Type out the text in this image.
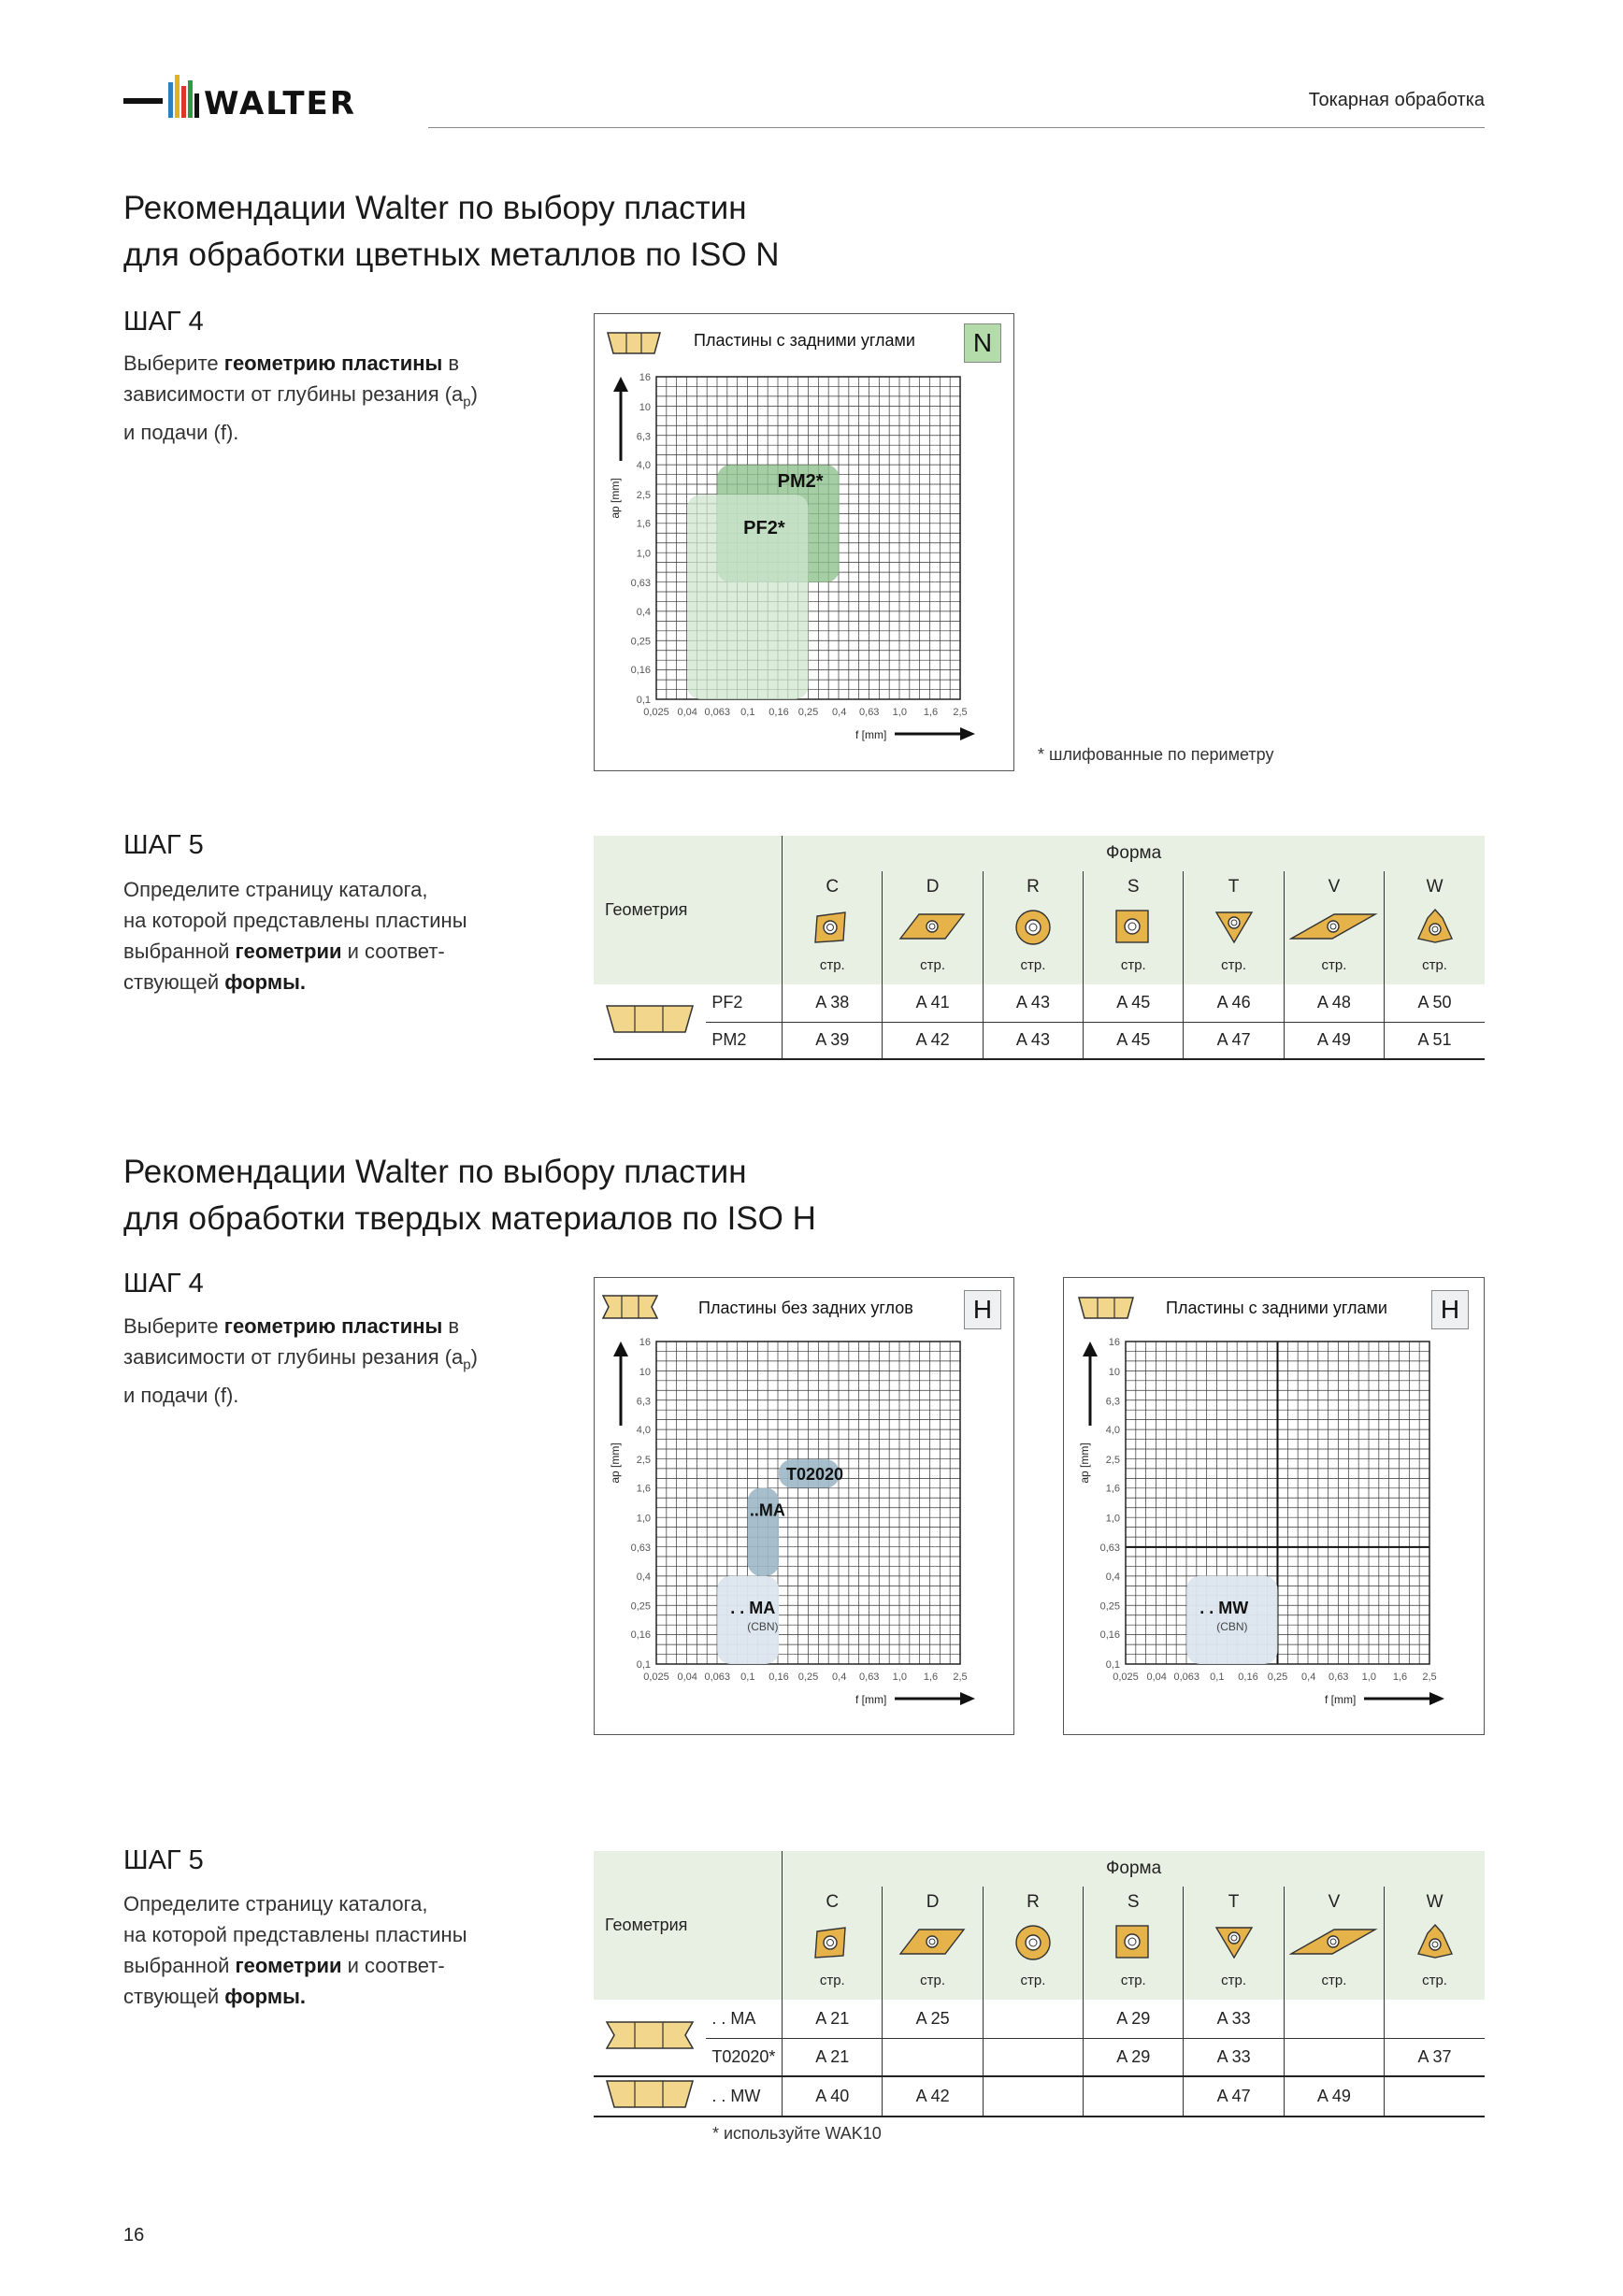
WALTER	Токарная обработка
Рекомендации Walter по выбору пластин
для обработки цветных металлов по ISO N
ШАГ 4
Выберите геометрию пластины в
зависимости от глубины резания $(a_p)$
и подачи (f).
Пластины с задними углами	N
PM2*
PF2*
16
10
6,3
4,0
2,5
1,6
1,0
0,63
0,4
0,25
0,16
0,1
0,025 0,04 0,063 0,1 0,16 0,25 0,4 0,63 1,0 1,6 2,5
ap [mm]
f [mm]
* шлифованные по периметру
ШАГ 5
Определите страницу каталога,
на которой представлены пластины
выбранной геометрии и соответ-
ствующей формы.
Геометрия		Форма						
		C	D	R	S	T	V	W

		стр.	стр.	стр.	стр.	стр.	стр.	стр.

	PF2	A 38	A 41	A 43	A 45	A 46	A 48	A 50
	PM2	A 39	A 42	A 43	A 45	A 47	A 49	A 51
Рекомендации Walter по выбору пластин
для обработки твердых материалов по ISO H
ШАГ 4
Выберите геометрию пластины в
зависимости от глубины резания $(a_p)$
и подачи (f).
Пластины без задних углов	H
T02020
..MA
. . MA
(CBN)
16
10
6,3
4,0
2,5
1,6
1,0
0,63
0,4
0,25
0,16
0,1
0,025 0,04 0,063 0,1 0,16 0,25 0,4 0,63 1,0 1,6 2,5
ap [mm]
f [mm]
Пластины с задними углами	H
. . MW
(CBN)
16
10
6,3
4,0
2,5
1,6
1,0
0,63
0,4
0,25
0,16
0,1
0,025 0,04 0,063 0,1 0,16 0,25 0,4 0,63 1,0 1,6 2,5
ap [mm]
f [mm]
ШАГ 5
Определите страницу каталога,
на которой представлены пластины
выбранной геометрии и соответ-
ствующей формы.
Геометрия		Форма						
		C	D	R	S	T	V	W

		стр.	стр.	стр.	стр.	стр.	стр.	стр.

	. . MA	A 21	A 25		A 29	A 33		
	T02020*	A 21			A 29	A 33		A 37
	. . MW	A 40	A 42			A 47	A 49	
* используйте WAK10
16
